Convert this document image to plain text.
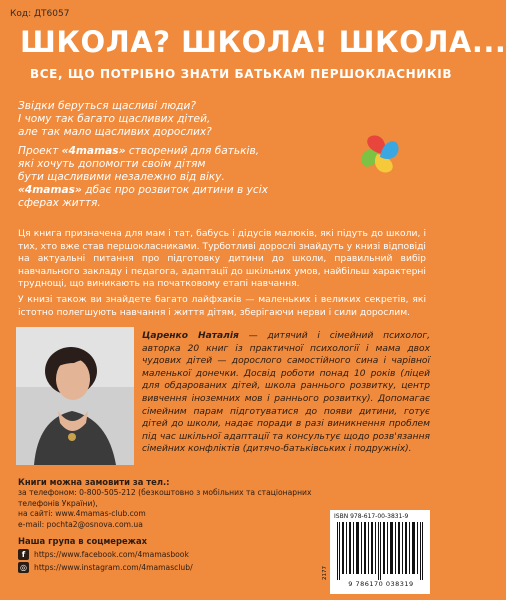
Код: ДТ6057
ШКОЛА? ШКОЛА! ШКОЛА...
ВСЕ, ЩО ПОТРІБНО ЗНАТИ БАТЬКАМ ПЕРШОКЛАСНИКІВ

Звідки беруться щасливі люди?
І чому так багато щасливих дітей,
але так мало щасливих дорослих?

Проект «4mamas» створений для батьків,
які хочуть допомогти своїм дітям
бути щасливими незалежно від віку.
«4mamas» дбає про розвиток дитини в усіх сферах життя.

Ця книга призначена для мам і тат, бабусь і дідусів малюків, які підуть до школи, і тих, хто вже став першокласниками. Турботливі дорослі знайдуть у книзі відповіді на актуальні питання про підготовку дитини до школи, правильний вибір навчального закладу і педагога, адаптації до шкільних умов, найбільш характерні труднощі, що виникають на початковому етапі навчання.

У книзі також ви знайдете багато лайфхаків — маленьких і великих секретів, які істотно полегшують навчання і життя дітям, зберігаючи нерви і сили дорослим.

Царенко Наталія — дитячий і сімейний психолог, авторка 20 книг із практичної психології і мама двох чудових дітей — дорослого самостійного сина і чарівної маленької донечки. Досвід роботи понад 10 років (ліцей для обдарованих дітей, школа раннього розвитку, центр вивчення іноземних мов і раннього розвитку). Допомагає сімейним парам підготуватися до появи дитини, готує дітей до школи, надає поради в разі виникнення проблем під час шкільної адаптації та консультує щодо розв'язання сімейних конфліктів (дитячо-батьківських і подружніх).
Книги можна замовити за тел.:
за телефоном: 0-800-505-212 (безкоштовно з мобільних та стаціонарних телефонів України),
на сайті: www.4mamas-club.com
e-mail: pochta2@osnova.com.ua
Наша група в соцмережах
f	https://www.facebook.com/4mamasbook
◎ https://www.instagram.com/4mamasclub/	2177
ISBN 978-617-00-3831-9
9 786170 038319
